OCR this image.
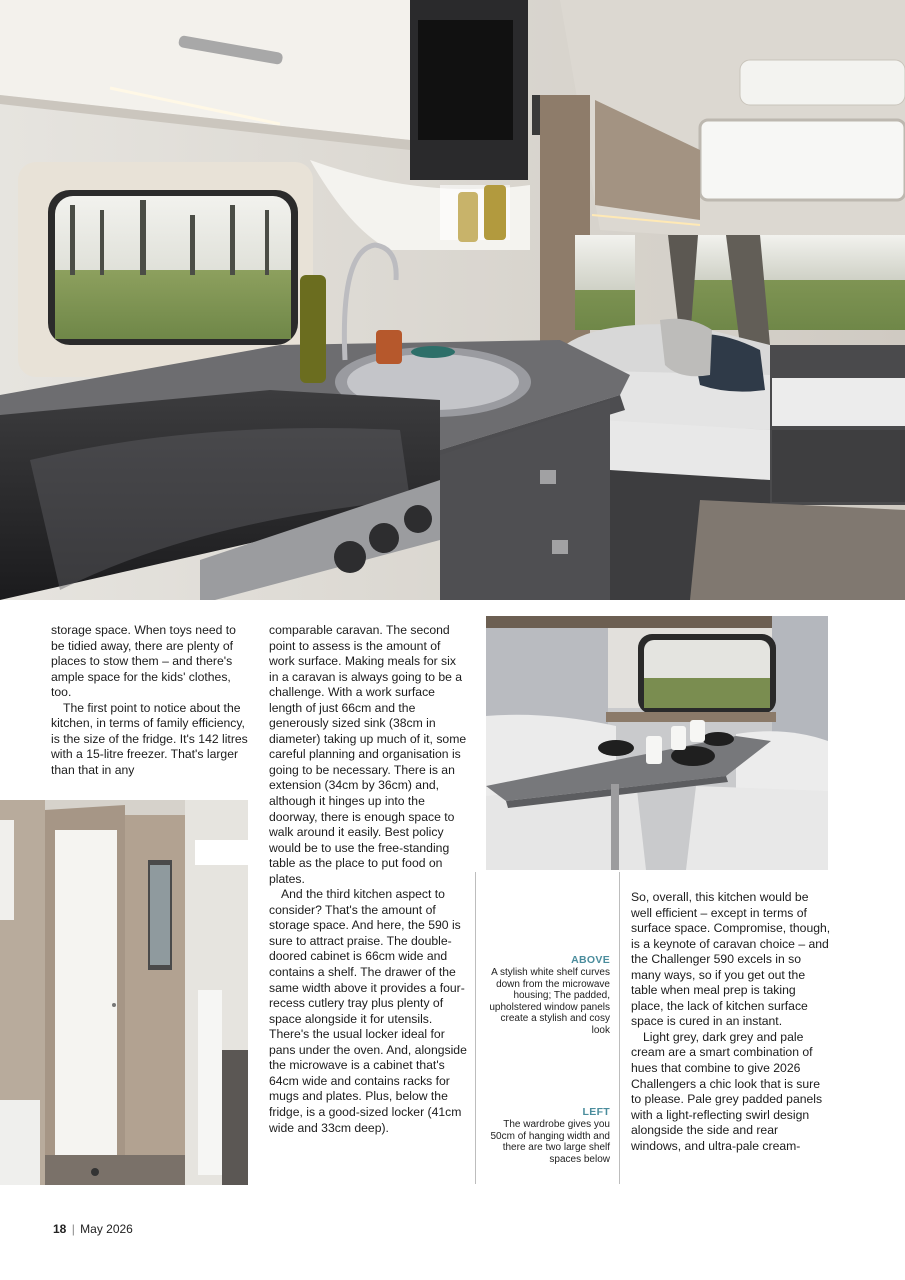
storage space. When toys need to be tidied away, there are plenty of places to stow them – and there's ample space for the kids' clothes, too.

The first point to notice about the kitchen, in terms of family efficiency, is the size of the fridge. It's 142 litres with a 15-litre freezer. That's larger than that in any

comparable caravan. The second point to assess is the amount of work surface. Making meals for six in a caravan is always going to be a challenge. With a work surface length of just 66cm and the generously sized sink (38cm in diameter) taking up much of it, some careful planning and organisation is going to be necessary. There is an extension (34cm by 36cm) and, although it hinges up into the doorway, there is enough space to walk around it easily. Best policy would be to use the free-standing table as the place to put food on plates.

And the third kitchen aspect to consider? That's the amount of storage space. And here, the 590 is sure to attract praise. The double-doored cabinet is 66cm wide and contains a shelf. The drawer of the same width above it provides a four-recess cutlery tray plus plenty of space alongside it for utensils. There's the usual locker ideal for pans under the oven. And, alongside the microwave is a cabinet that's 64cm wide and contains racks for mugs and plates. Plus, below the fridge, is a good-sized locker (41cm wide and 33cm deep).

ABOVE
A stylish white shelf curves down from the microwave housing; The padded, upholstered window panels create a stylish and cosy look
LEFT
The wardrobe gives you 50cm of hanging width and there are two large shelf spaces below

So, overall, this kitchen would be well efficient – except in terms of surface space. Compromise, though, is a keynote of caravan choice – and the Challenger 590 excels in so many ways, so if you get out the table when meal prep is taking place, the lack of kitchen surface space is cured in an instant.

Light grey, dark grey and pale cream are a smart combination of hues that combine to give 2026 Challengers a chic look that is sure to please. Pale grey padded panels with a light-reflecting swirl design alongside the side and rear windows, and ultra-pale cream-

18 | May 2026
